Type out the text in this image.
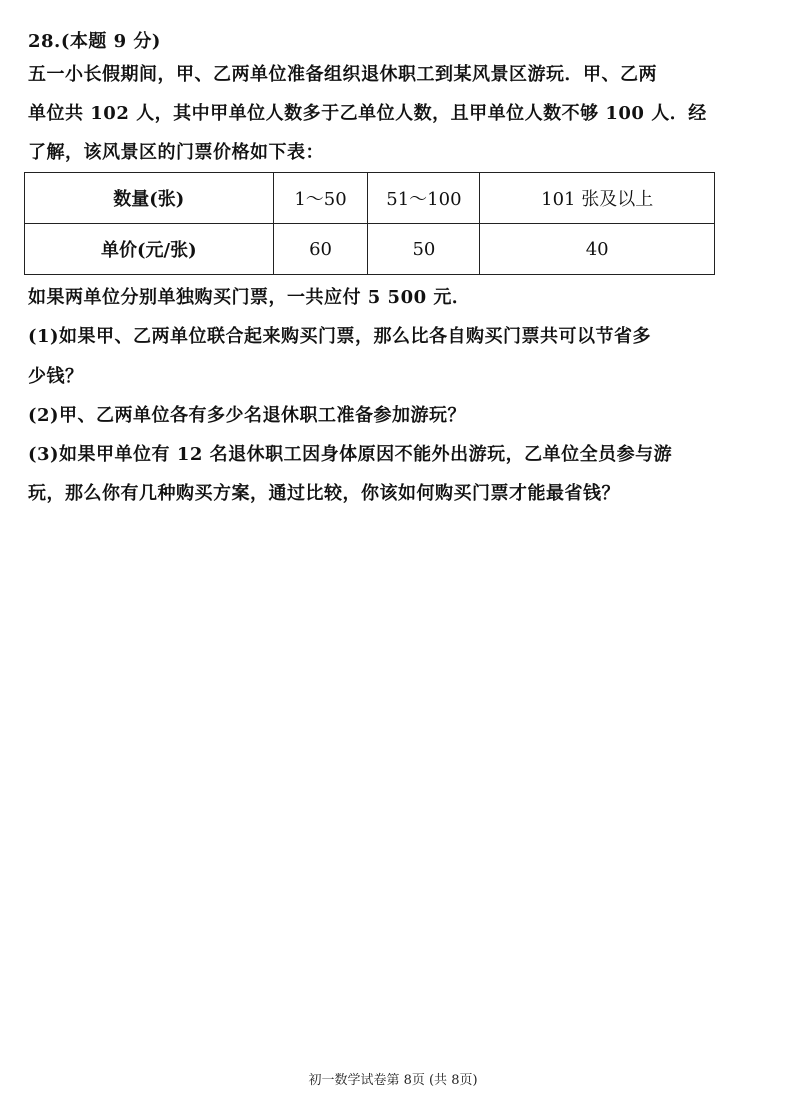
28.(本题 9 分)
五一小长假期间，甲、乙两单位准备组织退休职工到某风景区游玩．甲、乙两
单位共 102 人，其中甲单位人数多于乙单位人数，且甲单位人数不够 100 人．经
了解，该风景区的门票价格如下表：
数量(张)	1～50	51～100	101 张及以上
单价(元/张)	60	50	40
如果两单位分别单独购买门票，一共应付 5 500 元．
(1)如果甲、乙两单位联合起来购买门票，那么比各自购买门票共可以节省多
少钱？
(2)甲、乙两单位各有多少名退休职工准备参加游玩？
(3)如果甲单位有 12 名退休职工因身体原因不能外出游玩，乙单位全员参与游
玩，那么你有几种购买方案，通过比较，你该如何购买门票才能最省钱？
初一数学试卷第 8页 (共 8页)
